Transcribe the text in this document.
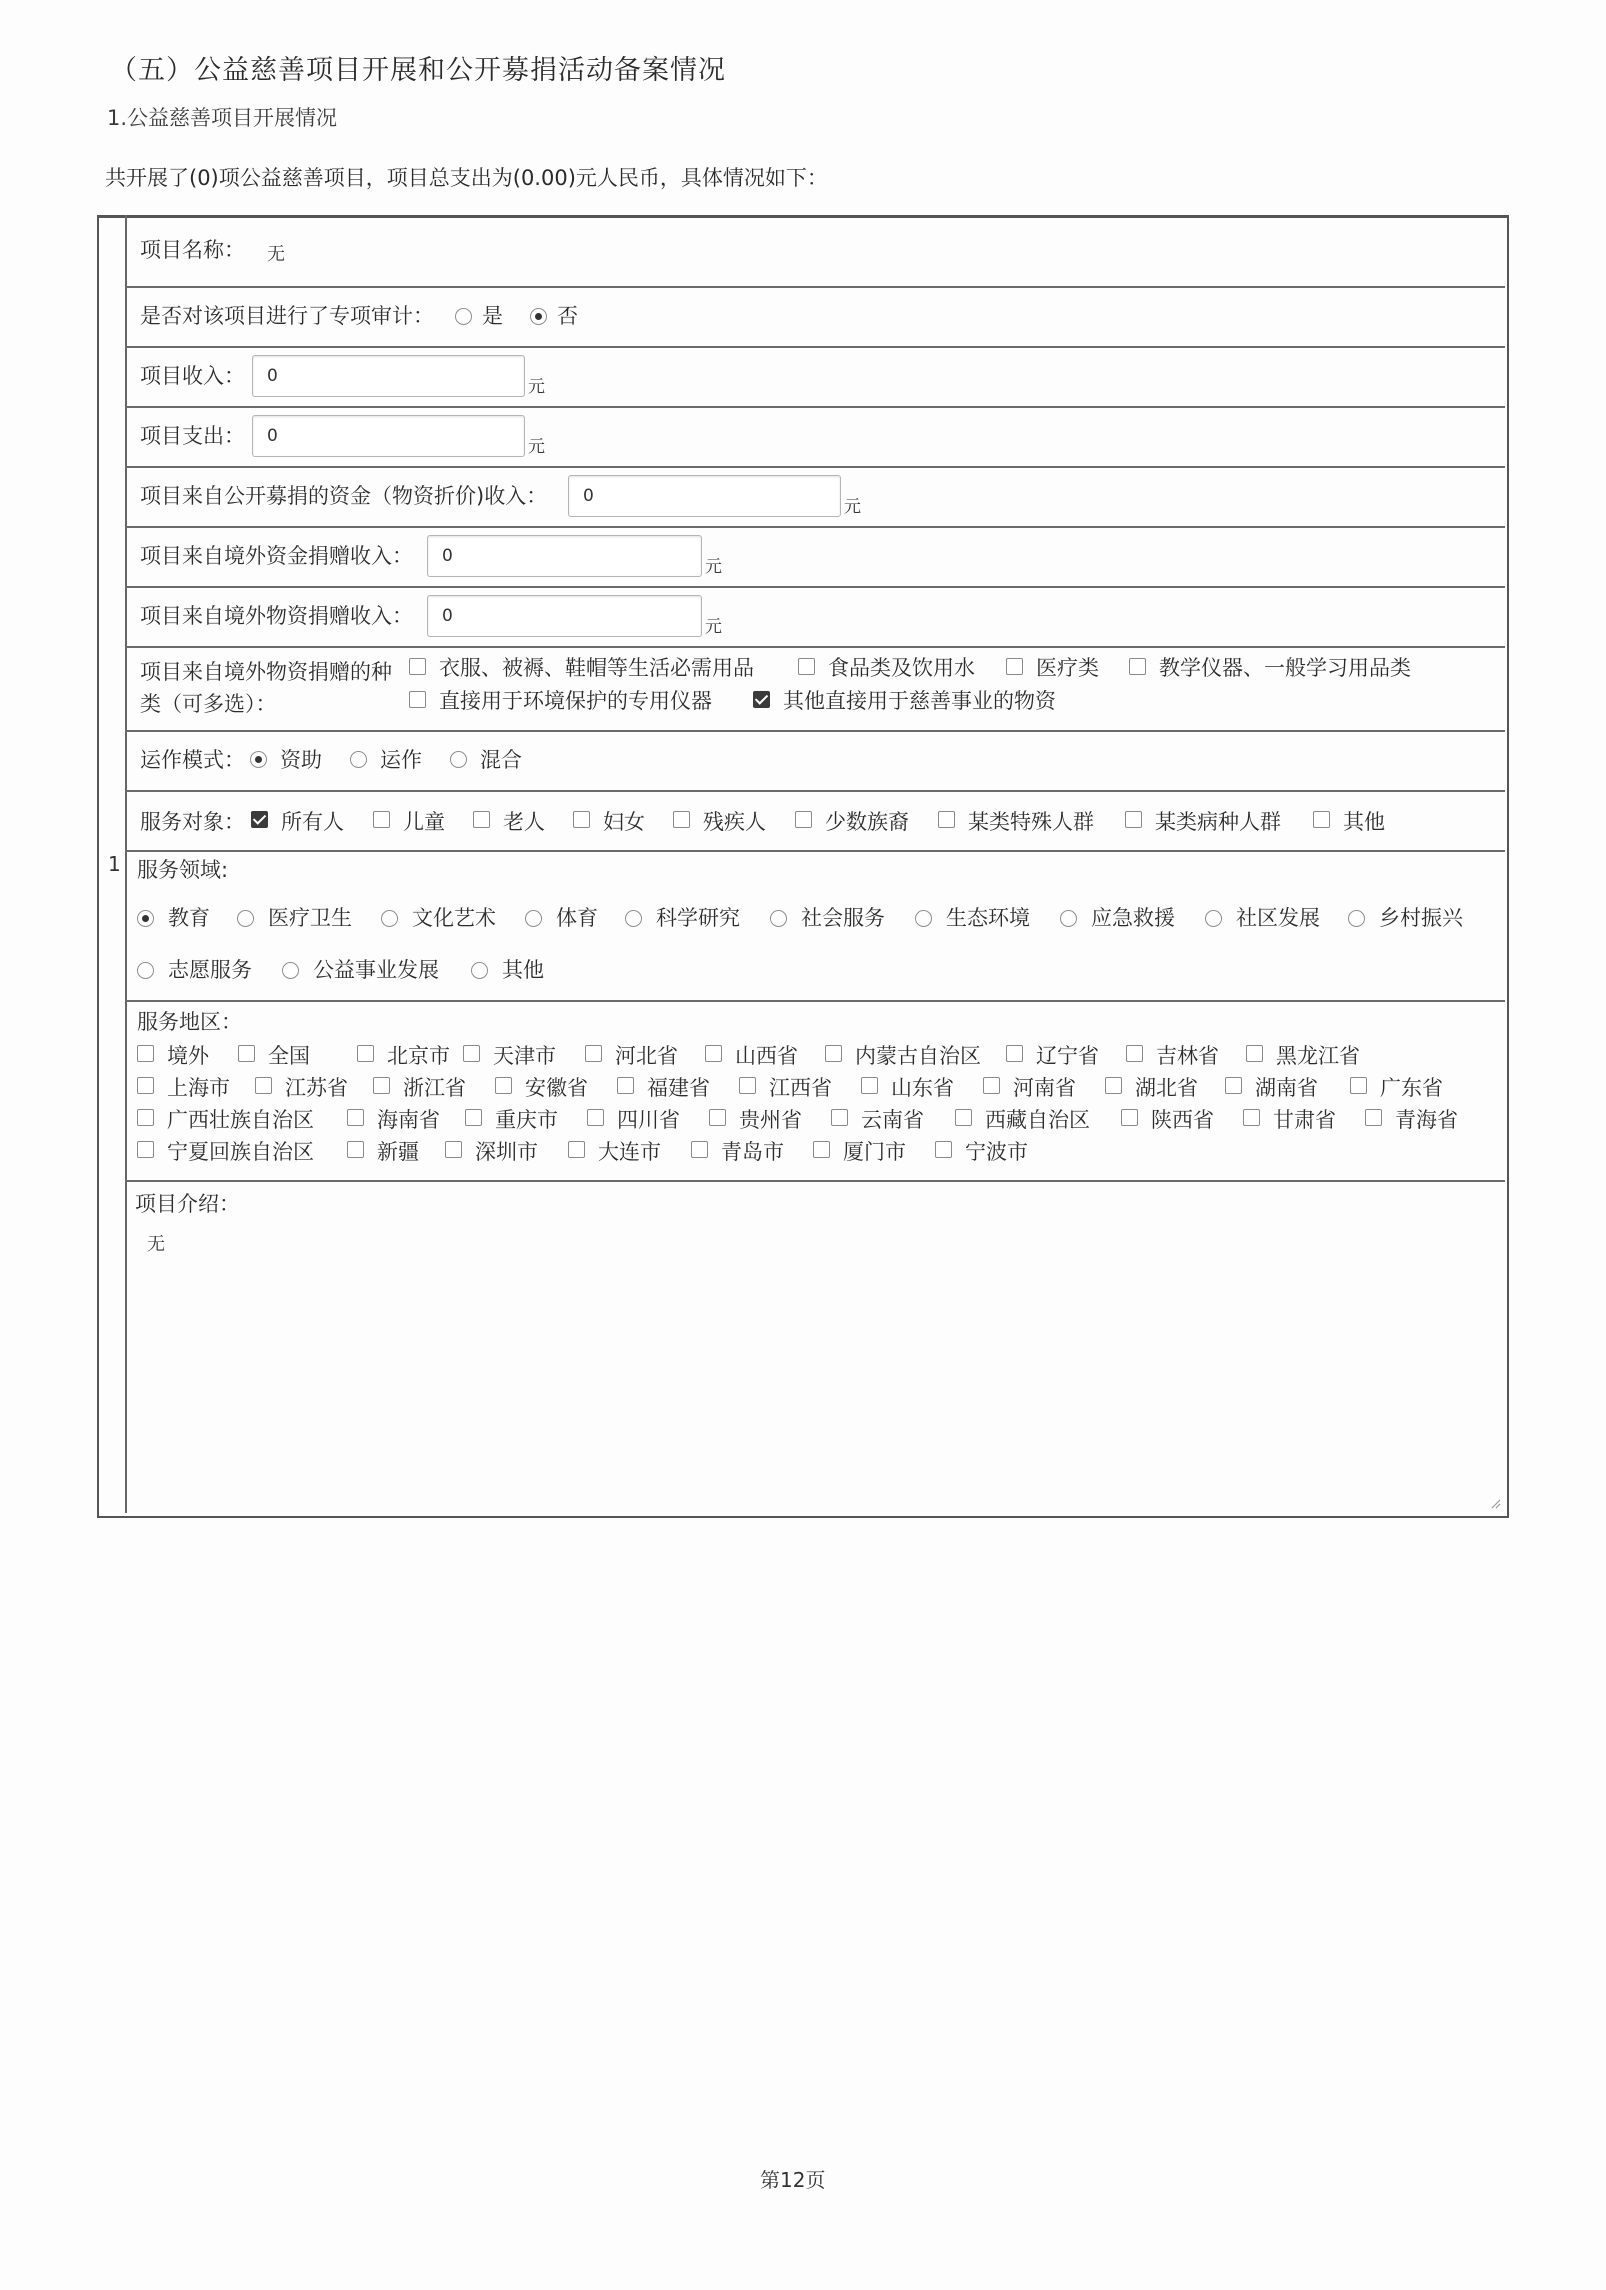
（五）公益慈善项目开展和公开募捐活动备案情况
1.公益慈善项目开展情况
共开展了(0)项公益慈善项目，项目总支出为(0.00)元人民币，具体情况如下：
1
项目名称： 无
是否对该项目进行了专项审计： 是	否
项目收入：	0
元
项目支出：	0
元
项目来自公开募捐的资金（物资折价)收入：	0
元
项目来自境外资金捐赠收入：	0
元
项目来自境外物资捐赠收入：	0
元
项目来自境外物资捐赠的种
类（可多选）：
衣服、被褥、鞋帽等生活必需用品	食品类及饮用水	医疗类	教学仪器、一般学习用品类
直接用于环境保护的专用仪器	其他直接用于慈善事业的物资
运作模式： 资助	运作	混合
服务对象： 所有人	儿童	老人	妇女	残疾人	少数族裔	某类特殊人群	某类病种人群	其他
服务领域:
教育	医疗卫生	文化艺术	体育	科学研究	社会服务	生态环境	应急救援	社区发展	乡村振兴
志愿服务	公益事业发展	其他
服务地区：
境外	全国	北京市 天津市	河北省	山西省	内蒙古自治区	辽宁省	吉林省	黑龙江省
上海市	江苏省	浙江省	安徽省	福建省	江西省	山东省	河南省	湖北省	湖南省	广东省
广西壮族自治区	海南省	重庆市	四川省	贵州省	云南省	西藏自治区	陕西省	甘肃省	青海省
宁夏回族自治区	新疆	深圳市	大连市	青岛市	厦门市	宁波市
项目介绍：
无
第12页
